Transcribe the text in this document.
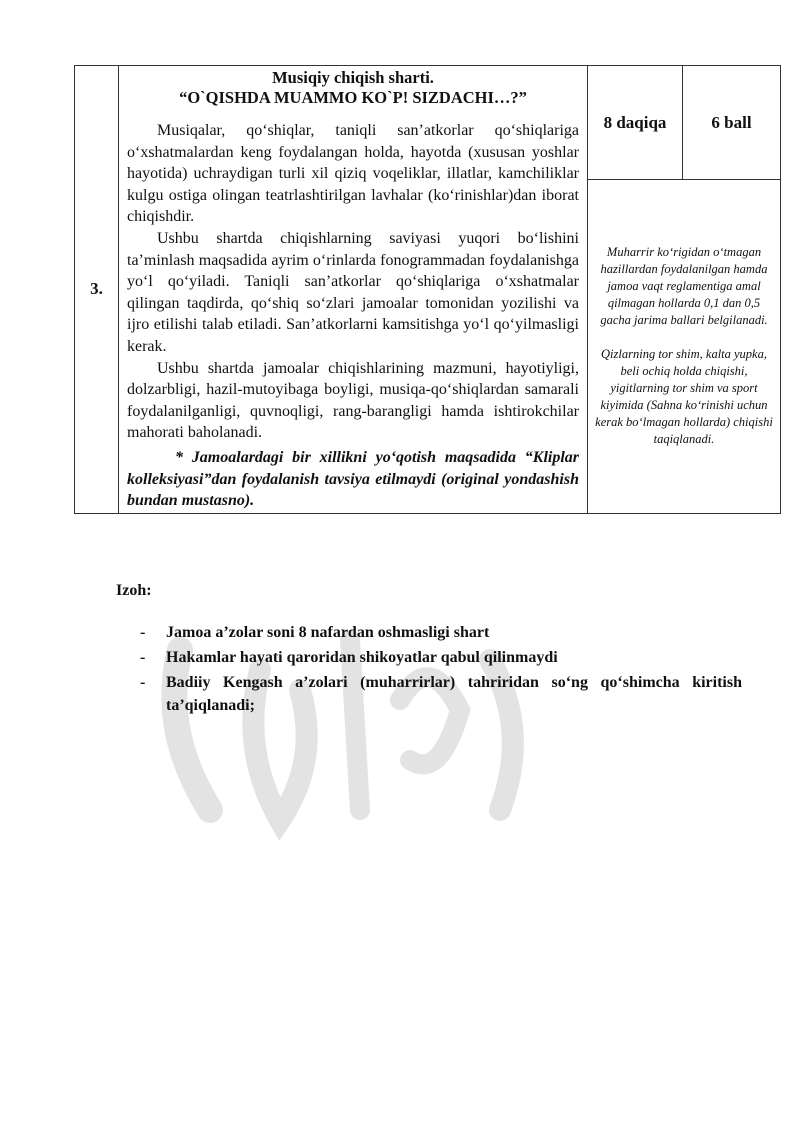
3.	
Musiqiy chiqish sharti.
“O`QISHDA MUAMMO KO`P! SIZDACHI…?”

Musiqalar, qo‘shiqlar, taniqli san’atkorlar qo‘shiqlariga o‘xshatmalardan keng foydalangan holda, hayotda (xususan yoshlar hayotida) uchraydigan turli xil qiziq voqeliklar, illatlar, kamchiliklar kulgu ostiga olingan teatrlashtirilgan lavhalar (ko‘rinishlar)dan iborat chiqishdir.

Ushbu shartda chiqishlarning saviyasi yuqori bo‘lishini ta’minlash maqsadida ayrim o‘rinlarda fonogrammadan foydalanishga yo‘l qo‘yiladi. Taniqli san’atkorlar qo‘shiqlariga o‘xshatmalar qilingan taqdirda, qo‘shiq so‘zlari jamoalar tomonidan yozilishi va ijro etilishi talab etiladi. San’atkorlarni kamsitishga yo‘l qo‘yilmasligi kerak.

Ushbu shartda jamoalar chiqishlarining mazmuni, hayotiyligi, dolzarbligi, hazil-mutoyibaga boyligi, musiqa-qo‘shiqlardan samarali foydalanilganligi, quvnoqligi, rang-barangligi hamda ishtirokchilar mahorati baholanadi.

* Jamoalardagi bir xillikni yo‘qotish maqsadida “Kliplar kolleksiyasi”dan foydalanish tavsiya etilmaydi (original yondashish bundan mustasno).

	8 daqiqa	6 ball

Muharrir ko‘rigidan o‘tmagan hazillardan foydalanilgan hamda jamoa vaqt reglamentiga amal qilmagan hollarda 0,1 dan 0,5 gacha jarima ballari belgilanadi.

Qizlarning tor shim, kalta yupka, beli ochiq holda chiqishi, yigitlarning tor shim va sport kiyimida (Sahna ko‘rinishi uchun kerak bo‘lmagan hollarda) chiqishi taqiqlanadi.

Izoh:
-	Jamoa a’zolar soni 8 nafardan oshmasligi shart
-	Hakamlar hayati qaroridan shikoyatlar qabul qilinmaydi
-	Badiiy Kengash a’zolari (muharrirlar) tahriridan so‘ng qo‘shimcha kiritish ta’qiqlanadi;
